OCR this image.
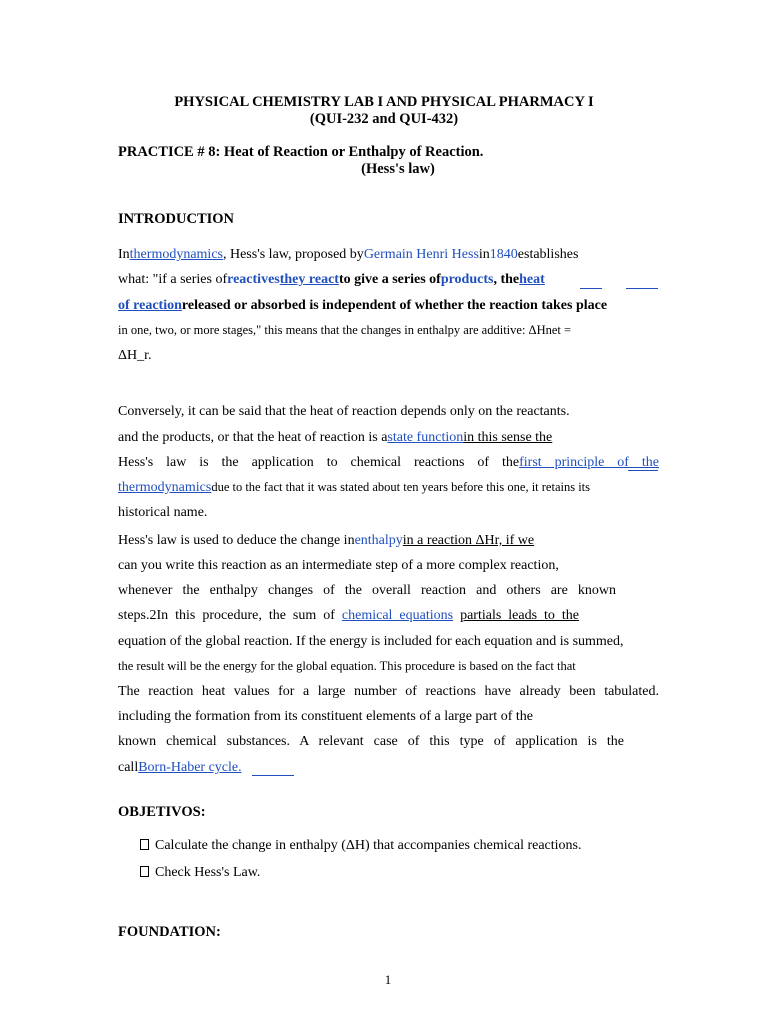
PHYSICAL CHEMISTRY LAB I AND PHYSICAL PHARMACY I
(QUI-232 and QUI-432)
PRACTICE # 8: Heat of Reaction or Enthalpy of Reaction.
(Hess's law)
INTRODUCTION
Inthermodynamics, Hess's law, proposed byGermain Henri Hessin1840establishes
what: "if a series ofreactivesthey reactto give a series ofproducts, theheat
of reactionreleased or absorbed is independent of whether the reaction takes place
in one, two, or more stages," this means that the changes in enthalpy are additive: ΔHnet =
ΔH_r.
Conversely, it can be said that the heat of reaction depends only on the reactants.
and the products, or that the heat of reaction is astate functionin this sense the
Hess's law is the application to chemical reactions of thefirst principle of the
thermodynamicsdue to the fact that it was stated about ten years before this one, it retains its
historical name.
Hess's law is used to deduce the change inenthalpyin a reaction ΔHr, if we
can you write this reaction as an intermediate step of a more complex reaction,
whenever the enthalpy changes of the overall reaction and others are known
steps.2In this procedure, the sum of chemical equations partials leads to the
equation of the global reaction. If the energy is included for each equation and is summed,
the result will be the energy for the global equation. This procedure is based on the fact that
The reaction heat values for a large number of reactions have already been tabulated.
including the formation from its constituent elements of a large part of the
known chemical substances. A relevant case of this type of application is the
callBorn-Haber cycle.
OBJETIVOS:
Calculate the change in enthalpy (ΔH) that accompanies chemical reactions.
Check Hess's Law.
FOUNDATION:
1
